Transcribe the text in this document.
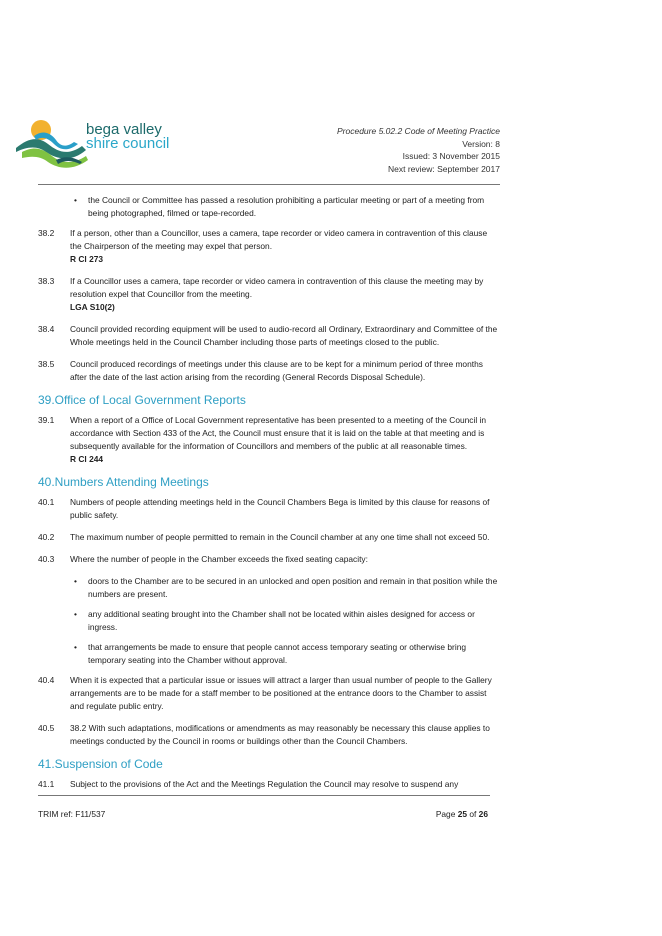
bega valley
shire council
Procedure 5.02.2 Code of Meeting Practice
Version: 8
Issued: 3 November 2015
Next review: September 2017
• the Council or Committee has passed a resolution prohibiting a particular meeting or part of a meeting from being photographed, filmed or tape-recorded.
38.2 If a person, other than a Councillor, uses a camera, tape recorder or video camera in contravention of this clause the Chairperson of the meeting may expel that person.
R Cl 273
38.3 If a Councillor uses a camera, tape recorder or video camera in contravention of this clause the meeting may by resolution expel that Councillor from the meeting.
LGA S10(2)
38.4 Council provided recording equipment will be used to audio-record all Ordinary, Extraordinary and Committee of the Whole meetings held in the Council Chamber including those parts of meetings closed to the public.
38.5 Council produced recordings of meetings under this clause are to be kept for a minimum period of three months after the date of the last action arising from the recording (General Records Disposal Schedule).
39.Office of Local Government Reports
39.1 When a report of a Office of Local Government representative has been presented to a meeting of the Council in accordance with Section 433 of the Act, the Council must ensure that it is laid on the table at that meeting and is subsequently available for the information of Councillors and members of the public at all reasonable times.
R Cl 244
40.Numbers Attending Meetings
40.1 Numbers of people attending meetings held in the Council Chambers Bega is limited by this clause for reasons of public safety.
40.2 The maximum number of people permitted to remain in the Council chamber at any one time shall not exceed 50.
40.3 Where the number of people in the Chamber exceeds the fixed seating capacity:
• doors to the Chamber are to be secured in an unlocked and open position and remain in that position while the numbers are present.
• any additional seating brought into the Chamber shall not be located within aisles designed for access or ingress.
• that arrangements be made to ensure that people cannot access temporary seating or otherwise bring temporary seating into the Chamber without approval.
40.4 When it is expected that a particular issue or issues will attract a larger than usual number of people to the Gallery arrangements are to be made for a staff member to be positioned at the entrance doors to the Chamber to assist and regulate public entry.
40.5 38.2 With such adaptations, modifications or amendments as may reasonably be necessary this clause applies to meetings conducted by the Council in rooms or buildings other than the Council Chambers.
41.Suspension of Code
41.1 Subject to the provisions of the Act and the Meetings Regulation the Council may resolve to suspend any
TRIM ref: F11/537	Page 25 of 26
